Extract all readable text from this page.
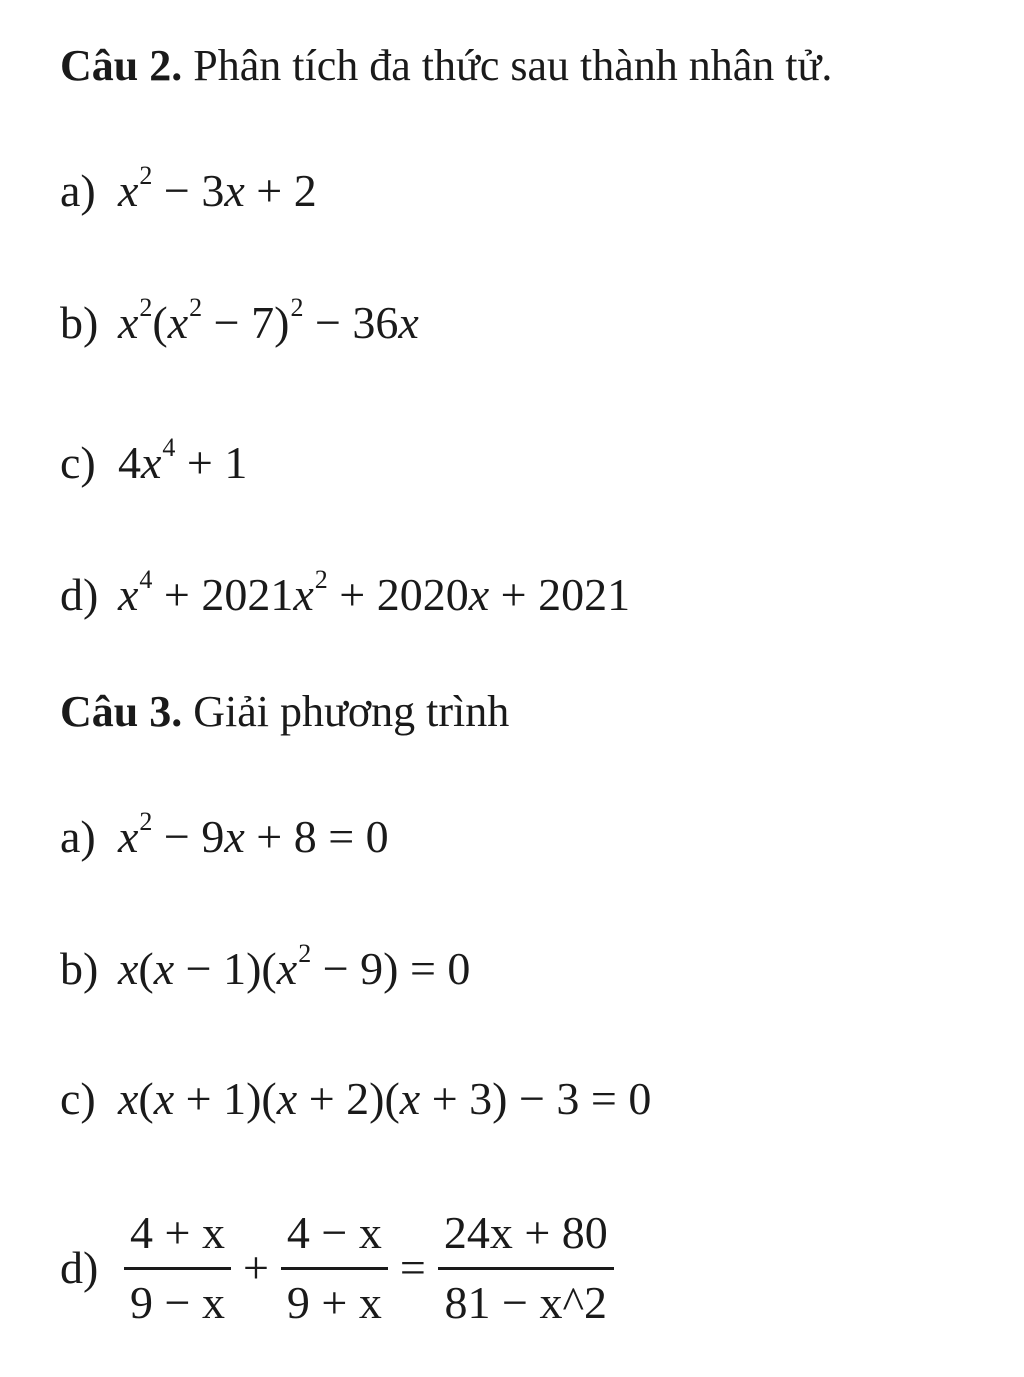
Câu 2. Phân tích đa thức sau thành nhân tử.
a) $x^2 - 3x + 2$
b) $x^2(x^2 - 7)^2 - 36x$
c) $4x^4 + 1$
d) $x^4 + 2021x^2 + 2020x + 2021$
Câu 3. Giải phương trình
a) $x^2 - 9x + 8 = 0$
b) $x(x - 1)(x^2 - 9) = 0$
c) x(x + 1)(x + 2)(x + 3) − 3 = 0
$d) \frac{4 + x}{9 - x} + \frac{4 - x}{9 + x} = \frac{24x + 80}{81 - x\^{}2}$
